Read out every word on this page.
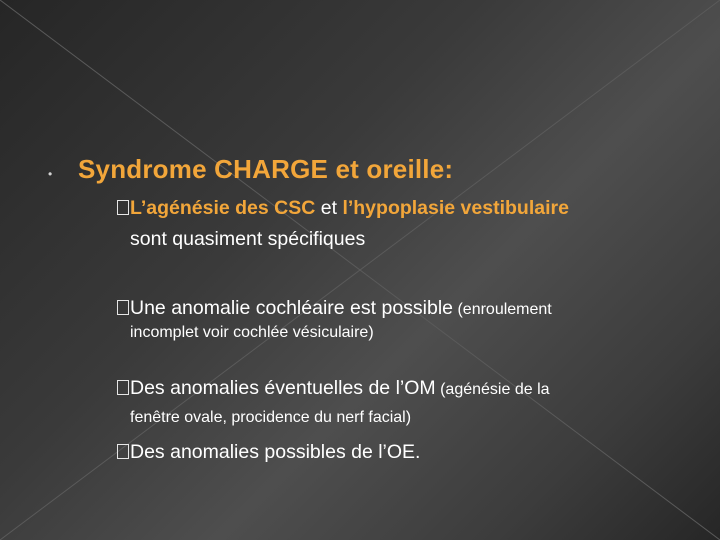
• Syndrome CHARGE et oreille:
L’agénésie des CSC et l’hypoplasie vestibulaire
sont quasiment spécifiques
Une anomalie cochléaire est possible (enroulement
incomplet voir cochlée vésiculaire)
Des anomalies éventuelles de l’OM (agénésie de la
fenêtre ovale, procidence du nerf facial)
Des anomalies possibles de l’OE.
